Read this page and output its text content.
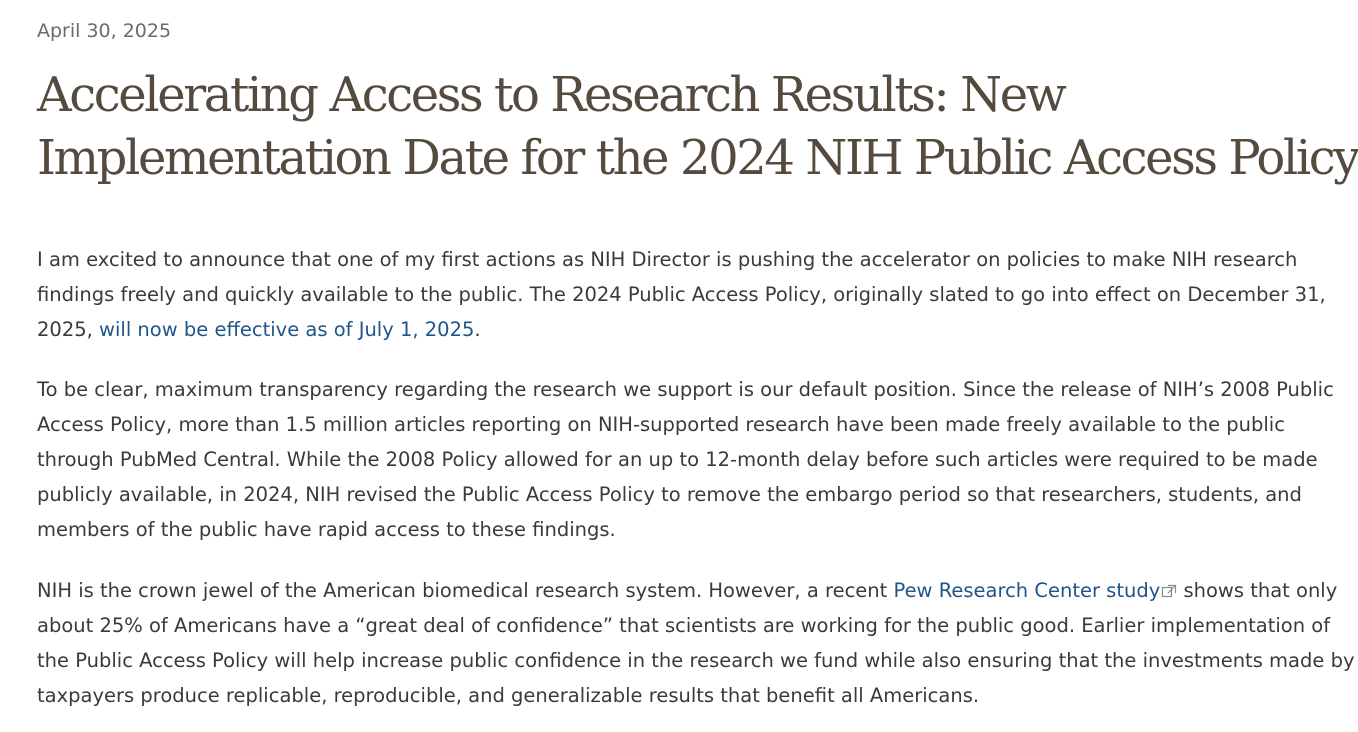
April 30, 2025
Accelerating Access to Research Results: New
Implementation Date for the 2024 NIH Public Access Policy
I am excited to announce that one of my first actions as NIH Director is pushing the accelerator on policies to make NIH research
findings freely and quickly available to the public. The 2024 Public Access Policy, originally slated to go into effect on December 31,
2025, will now be effective as of July 1, 2025.
To be clear, maximum transparency regarding the research we support is our default position. Since the release of NIH’s 2008 Public
Access Policy, more than 1.5 million articles reporting on NIH-supported research have been made freely available to the public
through PubMed Central. While the 2008 Policy allowed for an up to 12-month delay before such articles were required to be made
publicly available, in 2024, NIH revised the Public Access Policy to remove the embargo period so that researchers, students, and
members of the public have rapid access to these findings.
NIH is the crown jewel of the American biomedical research system. However, a recent Pew Research Center study shows that only
about 25% of Americans have a “great deal of confidence” that scientists are working for the public good. Earlier implementation of
the Public Access Policy will help increase public confidence in the research we fund while also ensuring that the investments made by
taxpayers produce replicable, reproducible, and generalizable results that benefit all Americans.
